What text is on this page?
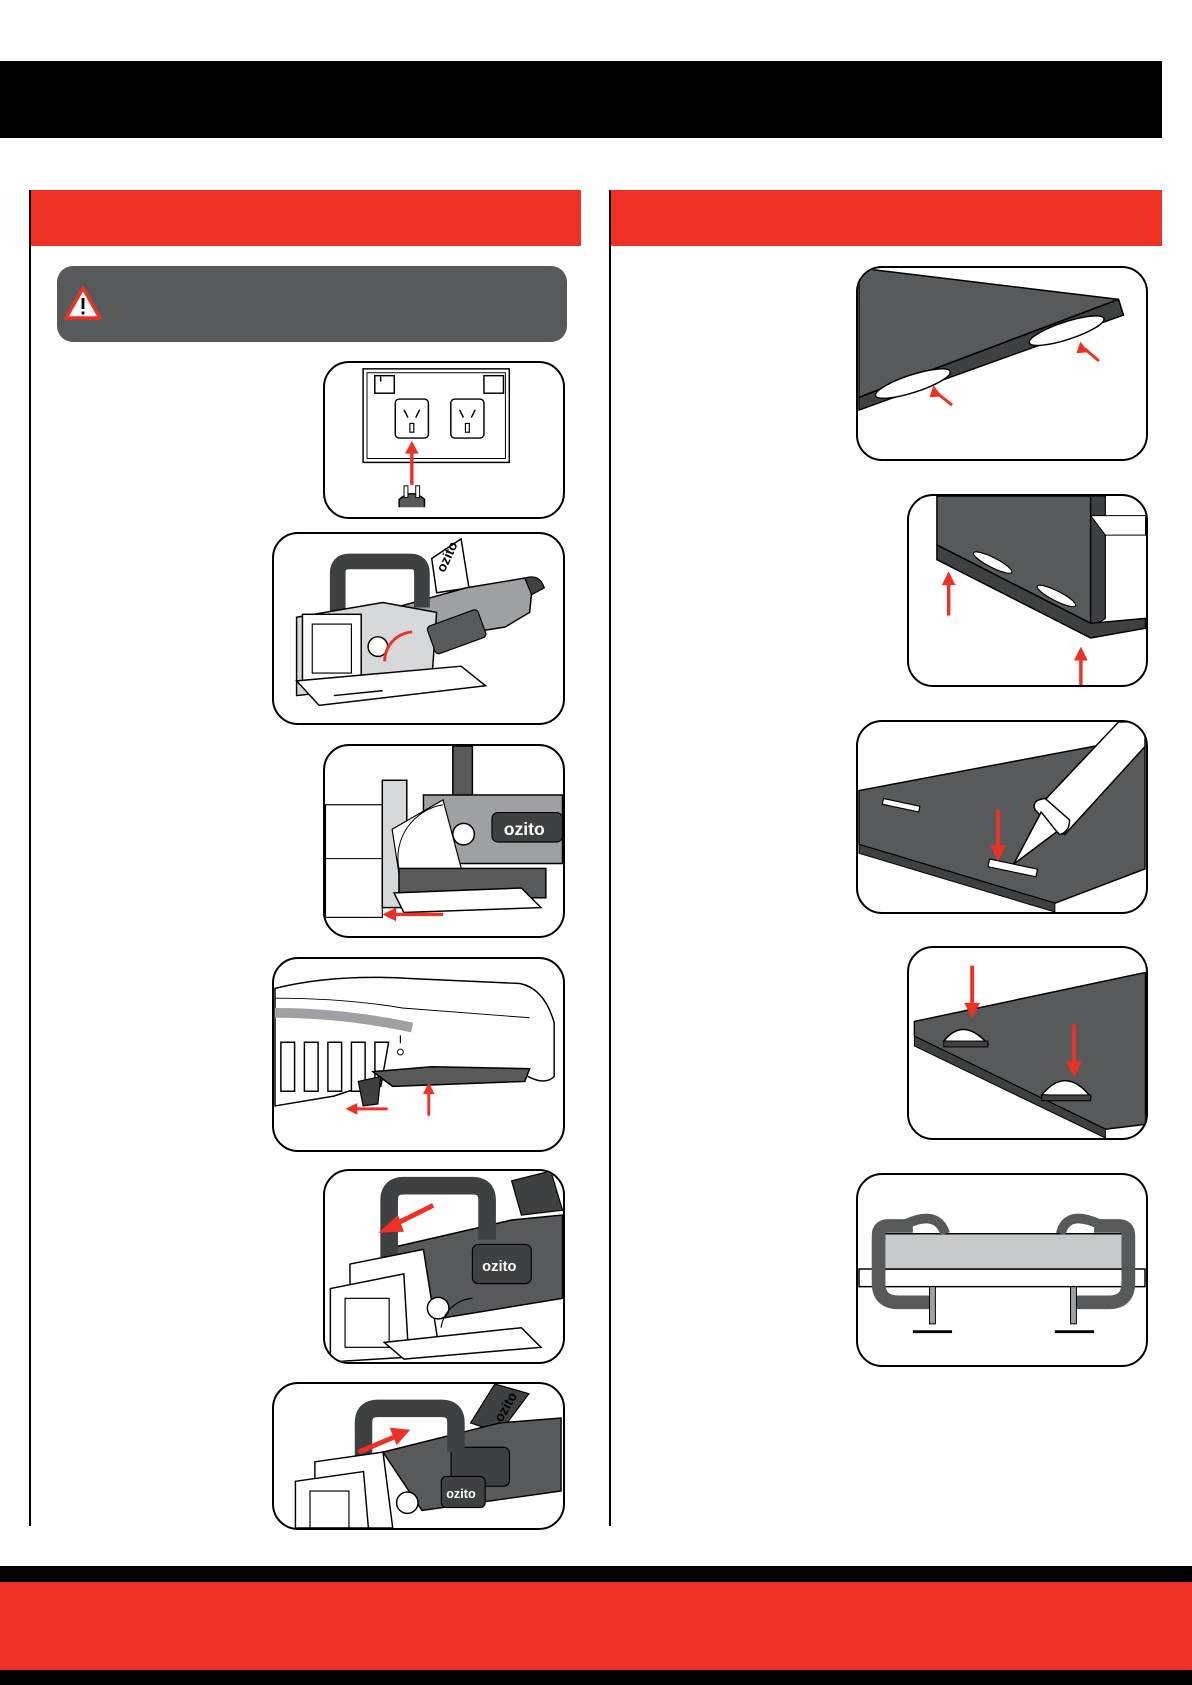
ozito
ozito
ozito
ozito
ozito
